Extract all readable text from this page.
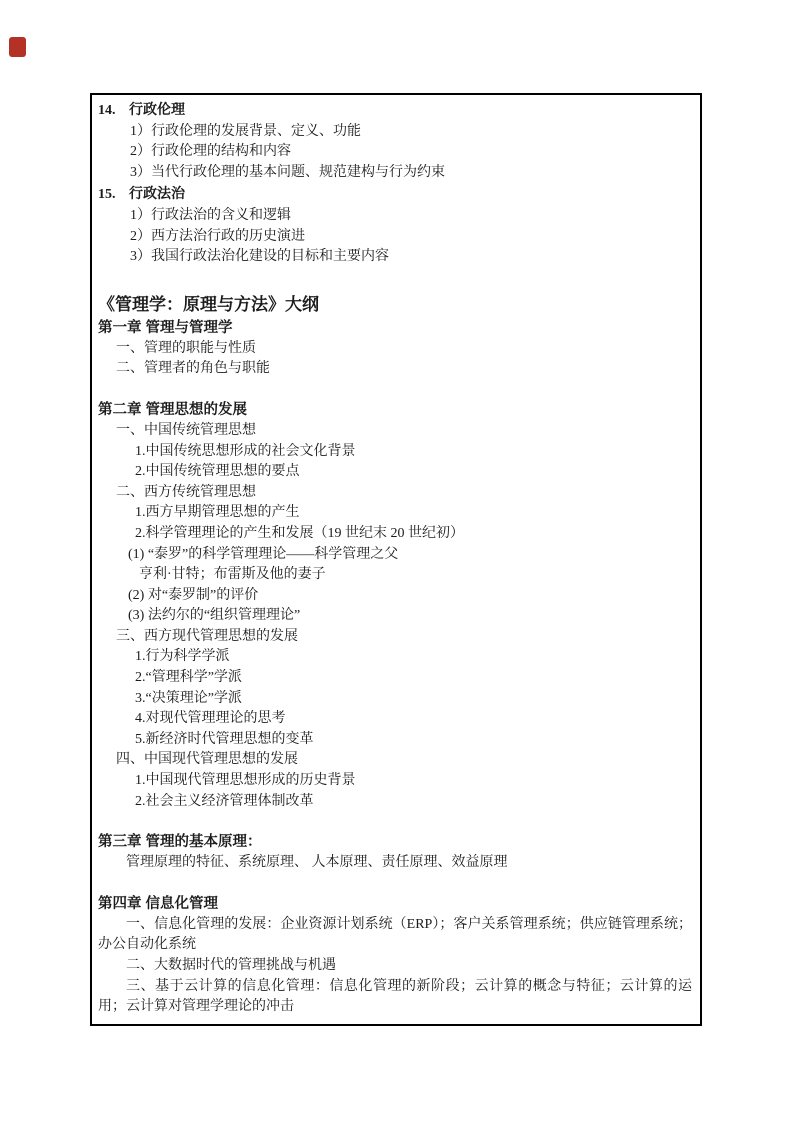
14. 行政伦理
1）行政伦理的发展背景、定义、功能
2）行政伦理的结构和内容
3）当代行政伦理的基本问题、规范建构与行为约束
15. 行政法治
1）行政法治的含义和逻辑
2）西方法治行政的历史演进
3）我国行政法治化建设的目标和主要内容
《管理学：原理与方法》大纲
第一章 管理与管理学
一、管理的职能与性质
二、管理者的角色与职能
第二章 管理思想的发展
一、中国传统管理思想
1.中国传统思想形成的社会文化背景
2.中国传统管理思想的要点
二、西方传统管理思想
1.西方早期管理思想的产生
2.科学管理理论的产生和发展（19 世纪末 20 世纪初）
(1) “泰罗”的科学管理理论——科学管理之父
亨利·甘特；布雷斯及他的妻子
(2) 对“泰罗制”的评价
(3) 法约尔的“组织管理理论”
三、西方现代管理思想的发展
1.行为科学学派
2.“管理科学”学派
3.“决策理论”学派
4.对现代管理理论的思考
5.新经济时代管理思想的变革
四、中国现代管理思想的发展
1.中国现代管理思想形成的历史背景
2.社会主义经济管理体制改革
第三章 管理的基本原理：
管理原理的特征、系统原理、 人本原理、责任原理、效益原理
第四章 信息化管理
一、信息化管理的发展：企业资源计划系统（ERP）；客户关系管理系统；供应链管理系统；办公自动化系统
二、大数据时代的管理挑战与机遇
三、基于云计算的信息化管理：信息化管理的新阶段；云计算的概念与特征；云计算的运用；云计算对管理学理论的冲击
